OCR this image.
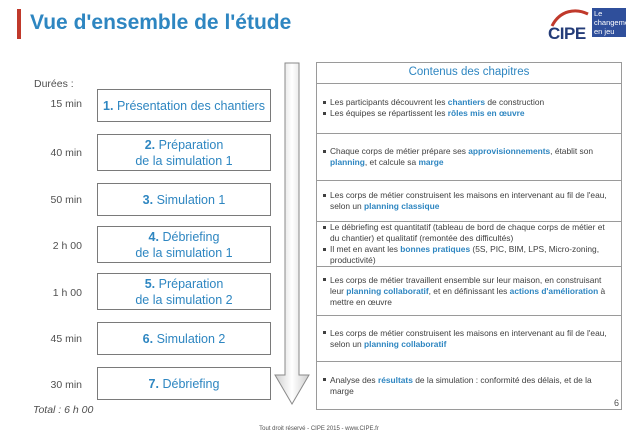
Vue d'ensemble de l'étude	CIPE
Le
changement
en jeu
Durées :
15 min
40 min
50 min
2 h 00
1 h 00
45 min
30 min
Total : 6 h 00
1. Présentation des chantiers
2. Préparation
de la simulation 1
3. Simulation 1
4. Débriefing
de la simulation 1
5. Préparation
de la simulation 2
6. Simulation 2
7. Débriefing
Contenus des chapitres
Les participants découvrent les chantiers de construction
Les équipes se répartissent les rôles mis en œuvre
Chaque corps de métier prépare ses approvisionnements, établit son planning, et calcule sa marge
Les corps de métier construisent les maisons en intervenant au fil de l'eau, selon un planning classique
Le débriefing est quantitatif (tableau de bord de chaque corps de métier et du chantier) et qualitatif (remontée des difficultés)
Il met en avant les bonnes pratiques (5S, PIC, BIM, LPS, Micro-zoning, productivité)
Les corps de métier travaillent ensemble sur leur maison, en construisant leur planning collaboratif, et en définissant les actions d'amélioration à mettre en œuvre
Les corps de métier construisent les maisons en intervenant au fil de l'eau, selon un planning collaboratif
Analyse des résultats de la simulation : conformité des délais, et de la marge
6
Tout droit réservé - CIPE 2015 - www.CIPE.fr
